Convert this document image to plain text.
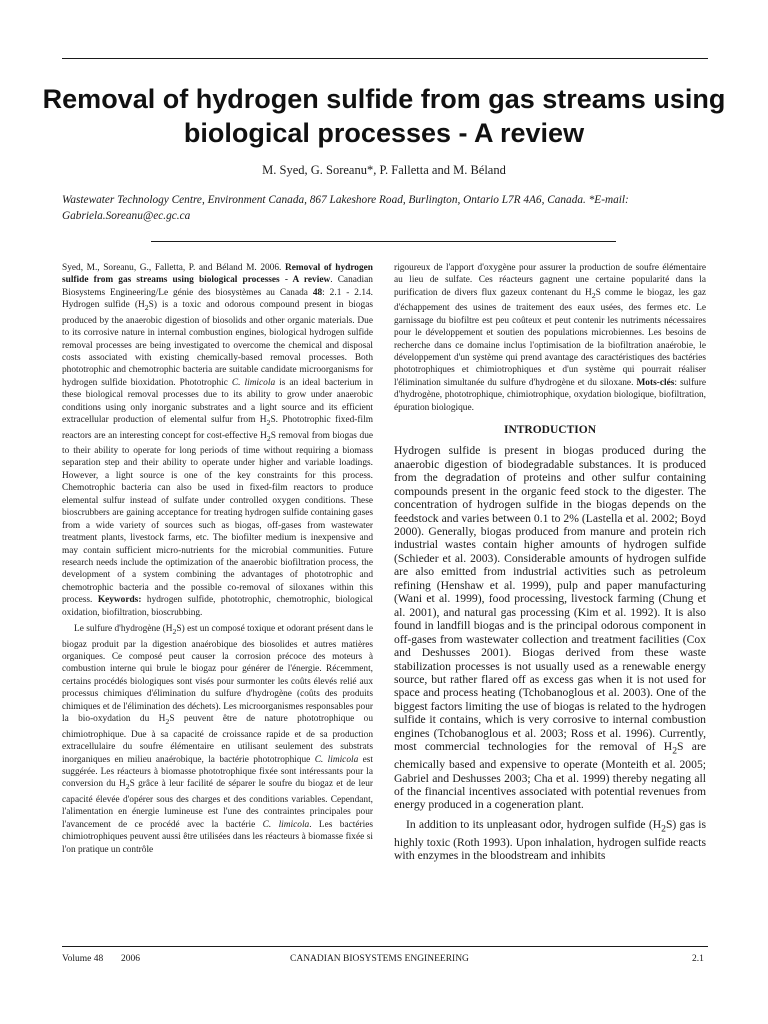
Removal of hydrogen sulfide from gas streams using biological processes - A review
M. Syed, G. Soreanu*, P. Falletta and M. Béland
Wastewater Technology Centre, Environment Canada, 867 Lakeshore Road, Burlington, Ontario L7R 4A6, Canada. *E-mail: Gabriela.Soreanu@ec.gc.ca

Syed, M., Soreanu, G., Falletta, P. and Béland M. 2006. Removal of hydrogen sulfide from gas streams using biological processes - A review. Canadian Biosystems Engineering/Le génie des biosystèmes au Canada 48: 2.1 - 2.14. Hydrogen sulfide $(H_2S)$ is a toxic and odorous compound present in biogas produced by the anaerobic digestion of biosolids and other organic materials. Due to its corrosive nature in internal combustion engines, biological hydrogen sulfide removal processes are being investigated to overcome the chemical and disposal costs associated with existing chemically-based removal processes. Both phototrophic and chemotrophic bacteria are suitable candidate microorganisms for hydrogen sulfide bioxidation. Phototrophic C. limicola is an ideal bacterium in these biological removal processes due to its ability to grow under anaerobic conditions using only inorganic substrates and a light source and its efficient extracellular production of elemental sulfur from $H_2S$. Phototrophic fixed-film reactors are an interesting concept for cost-effective $H_2S$ removal from biogas due to their ability to operate for long periods of time without requiring a biomass separation step and their ability to operate under higher and variable loadings. However, a light source is one of the key constraints for this process. Chemotrophic bacteria can also be used in fixed-film reactors to produce elemental sulfur instead of sulfate under controlled oxygen conditions. These bioscrubbers are gaining acceptance for treating hydrogen sulfide containing gases from a wide variety of sources such as biogas, off-gases from wastewater treatment plants, livestock farms, etc. The biofilter medium is inexpensive and may contain sufficient micro-nutrients for the microbial communities. Future research needs include the optimization of the anaerobic biofiltration process, the development of a system combining the advantages of phototrophic and chemotrophic bacteria and the possible co-removal of siloxanes within this process. Keywords: hydrogen sulfide, phototrophic, chemotrophic, biological oxidation, biofiltration, bioscrubbing.

Le sulfure d'hydrogène $(H_2S)$ est un composé toxique et odorant présent dans le biogaz produit par la digestion anaérobique des biosolides et autres matières organiques. Ce composé peut causer la corrosion précoce des moteurs à combustion interne qui brule le biogaz pour générer de l'énergie. Récemment, certains procédés biologiques sont visés pour surmonter les coûts élevés relié aux processus chimiques d'élimination du sulfure d'hydrogène (coûts des produits chimiques et de l'élimination des déchets). Les microorganismes responsables pour la bio-oxydation du $H_2S$ peuvent être de nature phototrophique ou chimiotrophique. Due à sa capacité de croissance rapide et de sa production extracellulaire du soufre élémentaire en utilisant seulement des substrats inorganiques en milieu anaérobique, la bactérie phototrophique C. limicola est suggérée. Les réacteurs à biomasse phototrophique fixée sont intéressants pour la conversion du $H_2S$ grâce à leur facilité de séparer le soufre du biogaz et de leur capacité élevée d'opérer sous des charges et des conditions variables. Cependant, l'alimentation en énergie lumineuse est l'une des contraintes principales pour l'avancement de ce procédé avec la bactérie C. limicola. Les bactéries chimiotrophiques peuvent aussi être utilisées dans les réacteurs à biomasse fixée si l'on pratique un contrôle

rigoureux de l'apport d'oxygène pour assurer la production de soufre élémentaire au lieu de sulfate. Ces réacteurs gagnent une certaine popularité dans la purification de divers flux gazeux contenant du $H_2S$ comme le biogaz, les gaz d'échappement des usines de traitement des eaux usées, des fermes etc. Le garnissage du biofiltre est peu coûteux et peut contenir les nutriments nécessaires pour le développement et soutien des populations microbiennes. Les besoins de recherche dans ce domaine inclus l'optimisation de la biofiltration anaérobie, le développement d'un système qui prend avantage des caractéristiques des bactéries phototrophiques et chimiotrophiques et d'un système qui pourrait réaliser l'élimination simultanée du sulfure d'hydrogène et du siloxane. Mots-clés: sulfure d'hydrogène, phototrophique, chimiotrophique, oxydation biologique, biofiltration, épuration biologique.

INTRODUCTION

Hydrogen sulfide is present in biogas produced during the anaerobic digestion of biodegradable substances. It is produced from the degradation of proteins and other sulfur containing compounds present in the organic feed stock to the digester. The concentration of hydrogen sulfide in the biogas depends on the feedstock and varies between 0.1 to 2% (Lastella et al. 2002; Boyd 2000). Generally, biogas produced from manure and protein rich industrial wastes contain higher amounts of hydrogen sulfide (Schieder et al. 2003). Considerable amounts of hydrogen sulfide are also emitted from industrial activities such as petroleum refining (Henshaw et al. 1999), pulp and paper manufacturing (Wani et al. 1999), food processing, livestock farming (Chung et al. 2001), and natural gas processing (Kim et al. 1992). It is also found in landfill biogas and is the principal odorous component in off-gases from wastewater collection and treatment facilities (Cox and Deshusses 2001). Biogas derived from these waste stabilization processes is not usually used as a renewable energy source, but rather flared off as excess gas when it is not used for space and process heating (Tchobanoglous et al. 2003). One of the biggest factors limiting the use of biogas is related to the hydrogen sulfide it contains, which is very corrosive to internal combustion engines (Tchobanoglous et al. 2003; Ross et al. 1996). Currently, most commercial technologies for the removal of $H_2S$ are chemically based and expensive to operate (Monteith et al. 2005; Gabriel and Deshusses 2003; Cha et al. 1999) thereby negating all of the financial incentives associated with potential revenues from energy produced in a cogeneration plant.

In addition to its unpleasant odor, hydrogen sulfide $(H_2S)$ gas is highly toxic (Roth 1993). Upon inhalation, hydrogen sulfide reacts with enzymes in the bloodstream and inhibits

Volume 48 2006	CANADIAN BIOSYSTEMS ENGINEERING	2.1
